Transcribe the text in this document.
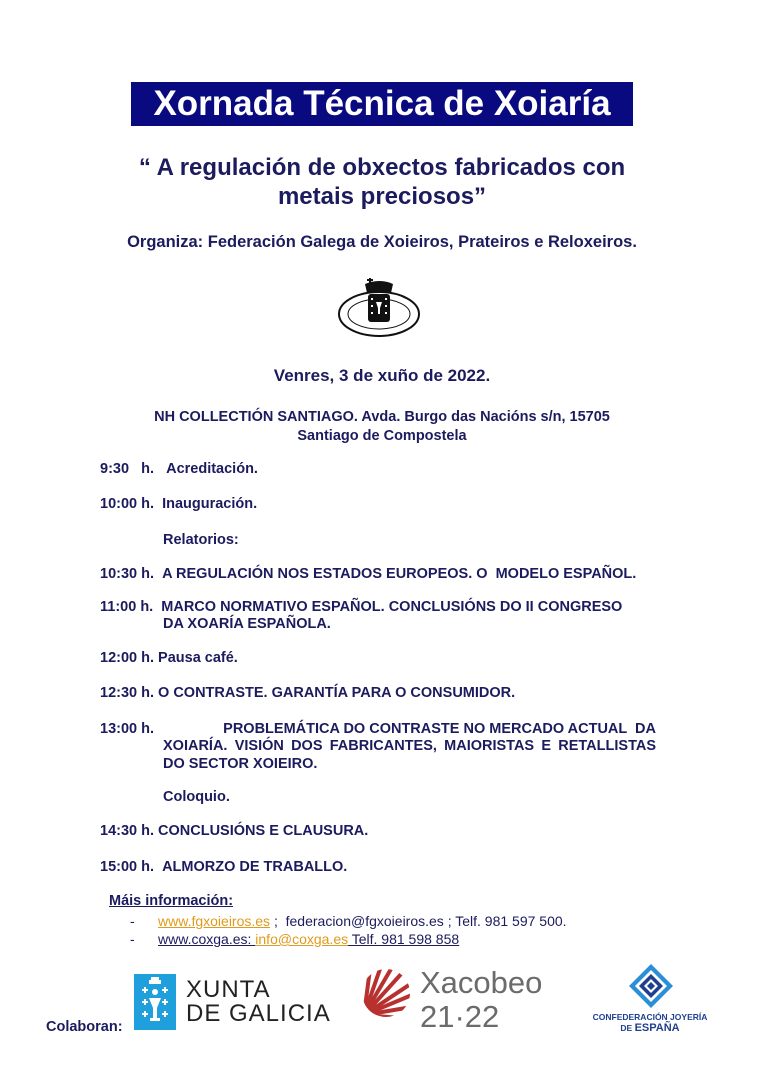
Xornada Técnica de Xoiaría
“ A regulación de obxectos fabricados con
metais preciosos”
Organiza: Federación Galega de Xoieiros, Prateiros e Reloxeiros.
Venres, 3 de xuño de 2022.
NH COLLECTIÓN SANTIAGO. Avda. Burgo das Nacións s/n, 15705
Santiago de Compostela
9:30   h. Acreditación.
10:00 h. Inauguración.
Relatorios:
10:30 h. A REGULACIÓN NOS ESTADOS EUROPEOS. O  MODELO ESPAÑOL.
11:00 h. MARCO NORMATIVO ESPAÑOL. CONCLUSIÓNS DO II CONGRESO
DA XOARÍA ESPAÑOLA.
12:00 h. Pausa café.
12:30 h. O CONTRASTE. GARANTÍA PARA O CONSUMIDOR.
13:00 h.	PROBLEMÁTICA DO CONTRASTE NO MERCADO ACTUAL  DA
XOIARÍA. VISIÓN DOS FABRICANTES, MAIORISTAS E RETALLISTAS DO SECTOR XOIEIRO.
Coloquio.
14:30 h. CONCLUSIÓNS E CLAUSURA.
15:00 h. ALMORZO DE TRABALLO.
Máis información:
- www.fgxoieiros.es ;  federacion@fgxoieiros.es ; Telf. 981 597 500.
- www.coxga.es: info@coxga.es Telf. 981 598 858
Colaboran:
XUNTA
DE GALICIA
Xacobeo
21·22	CONFEDERACIÓN JOYERÍA
DE ESPAÑA
